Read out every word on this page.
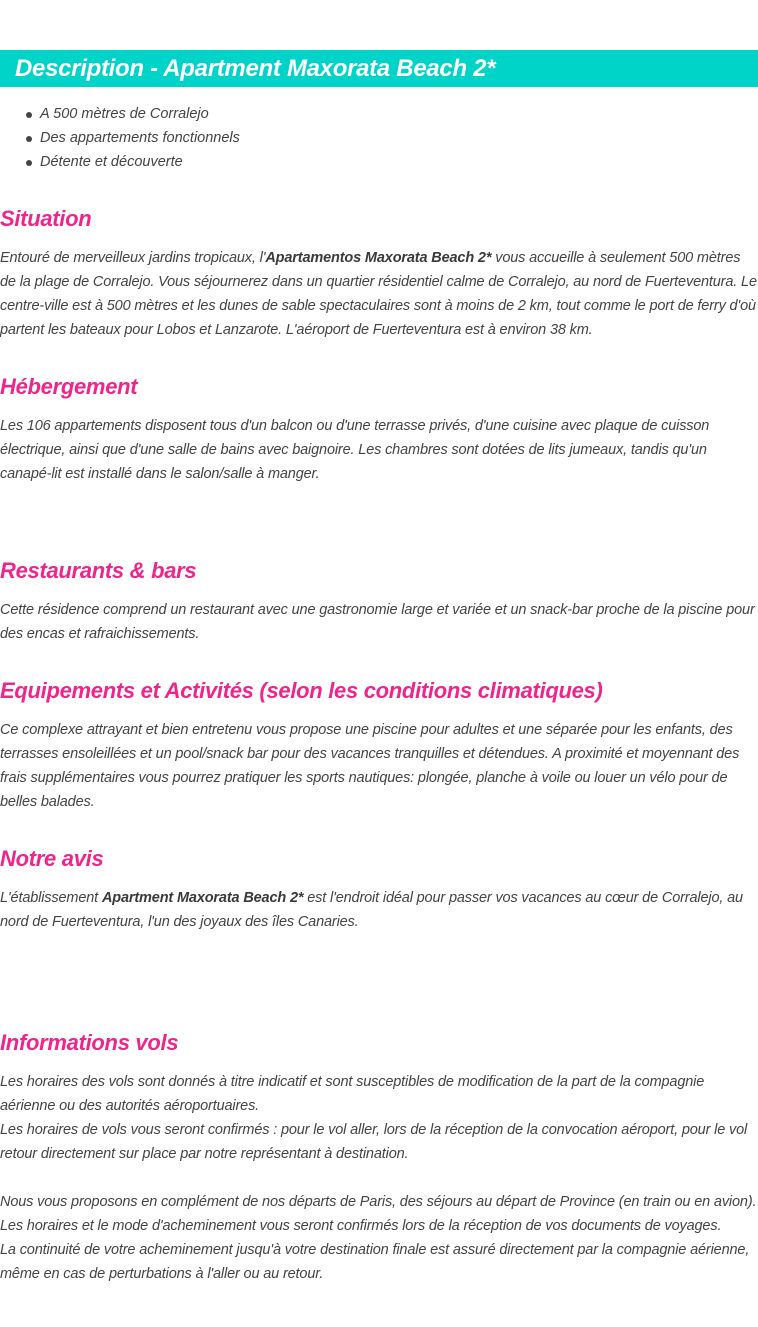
Description - Apartment Maxorata Beach 2*
A 500 mètres de Corralejo
Des appartements fonctionnels
Détente et découverte
Situation

Entouré de merveilleux jardins tropicaux, l'Apartamentos Maxorata Beach 2* vous accueille à seulement 500 mètres de la plage de Corralejo. Vous séjournerez dans un quartier résidentiel calme de Corralejo, au nord de Fuerteventura. Le centre-ville est à 500 mètres et les dunes de sable spectaculaires sont à moins de 2 km, tout comme le port de ferry d'où partent les bateaux pour Lobos et Lanzarote. L'aéroport de Fuerteventura est à environ 38 km.

Hébergement

Les 106 appartements disposent tous d'un balcon ou d'une terrasse privés, d'une cuisine avec plaque de cuisson électrique, ainsi que d'une salle de bains avec baignoire. Les chambres sont dotées de lits jumeaux, tandis qu'un canapé-lit est installé dans le salon/salle à manger.

Restaurants & bars

Cette résidence comprend un restaurant avec une gastronomie large et variée et un snack-bar proche de la piscine pour des encas et rafraichissements.

Equipements et Activités (selon les conditions climatiques)

Ce complexe attrayant et bien entretenu vous propose une piscine pour adultes et une séparée pour les enfants, des terrasses ensoleillées et un pool/snack bar pour des vacances tranquilles et détendues. A proximité et moyennant des frais supplémentaires vous pourrez pratiquer les sports nautiques: plongée, planche à voile ou louer un vélo pour de belles balades.

Notre avis

L'établissement Apartment Maxorata Beach 2* est l'endroit idéal pour passer vos vacances au cœur de Corralejo, au nord de Fuerteventura, l'un des joyaux des îles Canaries.

Informations vols

Les horaires des vols sont donnés à titre indicatif et sont susceptibles de modification de la part de la compagnie aérienne ou des autorités aéroportuaires.

Les horaires de vols vous seront confirmés : pour le vol aller, lors de la réception de la convocation aéroport, pour le vol retour directement sur place par notre représentant à destination.

Nous vous proposons en complément de nos départs de Paris, des séjours au départ de Province (en train ou en avion).

Les horaires et le mode d'acheminement vous seront confirmés lors de la réception de vos documents de voyages.

La continuité de votre acheminement jusqu'à votre destination finale est assuré directement par la compagnie aérienne, même en cas de perturbations à l'aller ou au retour.
